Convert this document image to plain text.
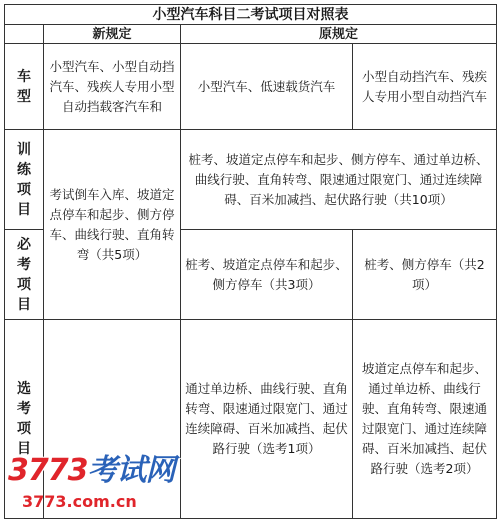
小型汽车科目二考试项目对照表			
	新规定	原规定	
车型	小型汽车、小型自动挡汽车、残疾人专用小型自动挡载客汽车和	小型汽车、低速载货汽车	小型自动挡汽车、残疾人专用小型自动挡汽车
训练项目	考试倒车入库、坡道定点停车和起步、侧方停车、曲线行驶、直角转弯（共5项）	桩考、坡道定点停车和起步、侧方停车、通过单边桥、曲线行驶、直角转弯、限速通过限宽门、通过连续障碍、百米加减挡、起伏路行驶（共10项）	
必考项目		桩考、坡道定点停车和起步、侧方停车（共3项）	桩考、侧方停车（共2项）
选考项目		通过单边桥、曲线行驶、直角转弯、限速通过限宽门、通过连续障碍、百米加减挡、起伏路行驶（选考1项）	坡道定点停车和起步、通过单边桥、曲线行驶、直角转弯、限速通过限宽门、通过连续障碍、百米加减挡、起伏路行驶（选考2项）
3773考试网
3773.com.cn
